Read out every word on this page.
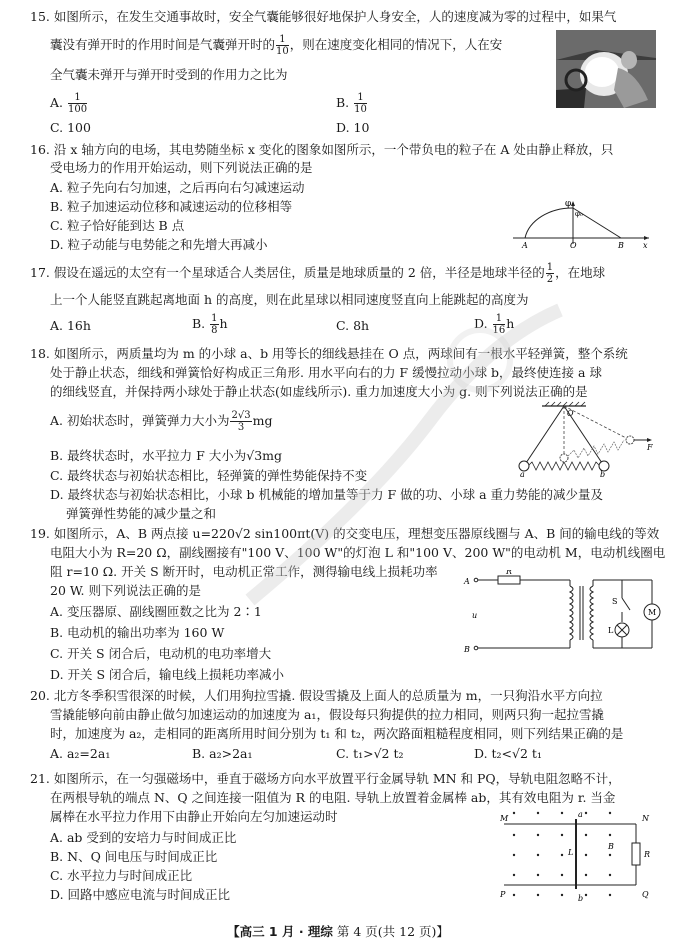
15. 如图所示，在发生交通事故时，安全气囊能够很好地保护人身安全，人的速度减为零的过程中，如果气
囊没有弹开时的作用时间是气囊弹开时的 $\frac{1}{10}$ ，则在速度变化相同的情况下，人在安
全气囊未弹开与弹开时受到的作用力之比为
A. $\frac{1}{100}$	B. $\frac{1}{10}$
C. 100	D. 10
16. 沿 x 轴方向的电场，其电势随坐标 x 变化的图象如图所示，一个带负电的粒子在 A 处由静止释放，只
受电场力的作用开始运动，则下列说法正确的是
A. 粒子先向右匀加速，之后再向右匀减速运动
B. 粒子加速运动位移和减速运动的位移相等
C. 粒子恰好能到达 B 点
D. 粒子动能与电势能之和先增大再减小
φ
φ₀
A	O	B x
17. 假设在遥远的太空有一个星球适合人类居住，质量是地球质量的 2 倍，半径是地球半径的 $\frac{1}{2}$ ，在地球
上一个人能竖直跳起离地面 h 的高度，则在此星球以相同速度竖直向上能跳起的高度为
A. 16h	B. $\frac{1}{8}$ h	C. 8h	D. $\frac{1}{16}$ h
18. 如图所示，两质量均为 m 的小球 a、b 用等长的细线悬挂在 O 点，两球间有一根水平轻弹簧，整个系统
处于静止状态，细线和弹簧恰好构成正三角形. 用水平向右的力 F 缓慢拉动小球 b，最终使连接 a 球
的细线竖直，并保持两小球处于静止状态(如虚线所示). 重力加速度大小为 g. 则下列说法正确的是
A. 初始状态时，弹簧弹力大小为 $\frac{2√3}{3}$ mg
B. 最终状态时，水平拉力 F 大小为√3mg
C. 最终状态与初始状态相比，轻弹簧的弹性势能保持不变
D. 最终状态与初始状态相比，小球 b 机械能的增加量等于力 F 做的功、小球 a 重力势能的减少量及
弹簧弹性势能的减少量之和
O
F
a	b
19. 如图所示，A、B 两点接 u=220√2 sin100πt(V) 的交变电压，理想变压器原线圈与 A、B 间的输电线的等效
电阻大小为 R=20 Ω，副线圈接有"100 V、100 W"的灯泡 L 和"100 V、200 W"的电动机 M，电动机线圈电
阻 r=10 Ω. 开关 S 断开时，电动机正常工作，测得输电线上损耗功率
20 W. 则下列说法正确的是
A. 变压器原、副线圈匝数之比为 2∶1
B. 电动机的输出功率为 160 W
C. 开关 S 闭合后，电动机的电功率增大
D. 开关 S 闭合后，输电线上损耗功率减小
A
B
u
R
S
L
M
20. 北方冬季积雪很深的时候，人们用狗拉雪撬. 假设雪撬及上面人的总质量为 m，一只狗沿水平方向拉
雪撬能够向前由静止做匀加速运动的加速度为 a₁，假设每只狗提供的拉力相同，则两只狗一起拉雪撬
时，加速度为 a₂，走相同的距离所用时间分别为 t₁ 和 t₂，两次路面粗糙程度相同，则下列结果正确的是
A. a₂=2a₁	B. a₂>2a₁	C. t₁>√2 t₂	D. t₂<√2 t₁
21. 如图所示，在一匀强磁场中，垂直于磁场方向水平放置平行金属导轨 MN 和 PQ，导轨电阻忽略不计，
在两根导轨的端点 N、Q 之间连接一阻值为 R 的电阻. 导轨上放置着金属棒 ab，其有效电阻为 r. 当金
属棒在水平拉力作用下由静止开始向左匀加速运动时
A. ab 受到的安培力与时间成正比
B. N、Q 间电压与时间成正比
C. 水平拉力与时间成正比
D. 回路中感应电流与时间成正比
M	N
P	Q
a
b
L
B
R
【高三 1 月 · 理综 第 4 页(共 12 页)】
